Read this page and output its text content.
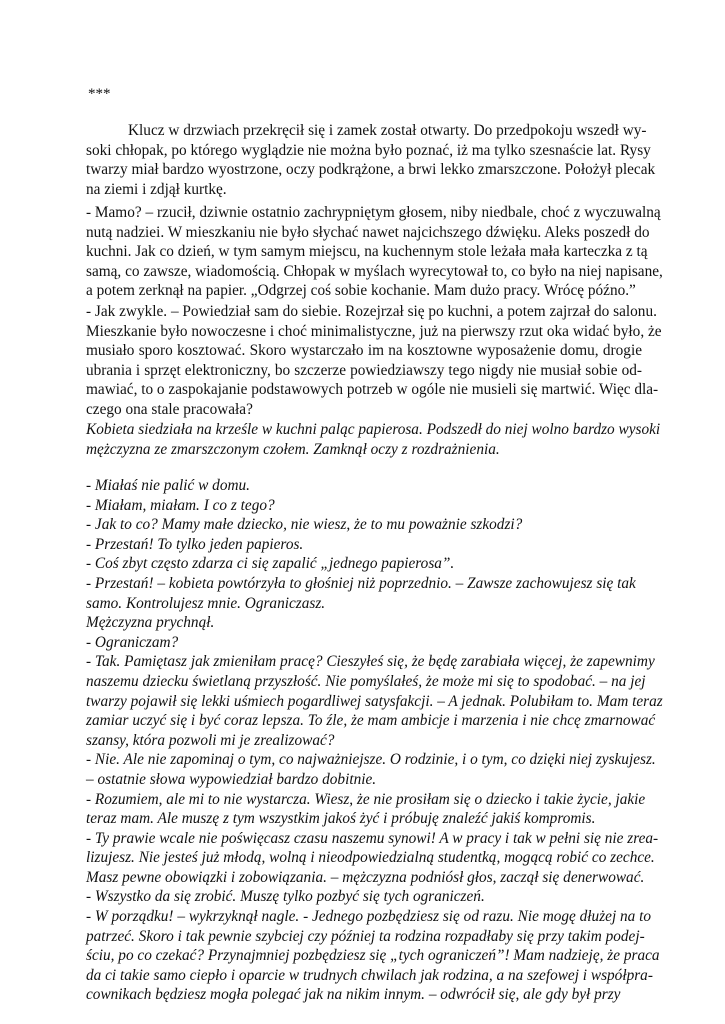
***
Klucz w drzwiach przekręcił się i zamek został otwarty. Do przedpokoju wszedł wy-
soki chłopak, po którego wyglądzie nie można było poznać, iż ma tylko szesnaście lat. Rysy
twarzy miał bardzo wyostrzone, oczy podkrążone, a brwi lekko zmarszczone. Położył plecak
na ziemi i zdjął kurtkę.
- Mamo? – rzucił, dziwnie ostatnio zachrypniętym głosem, niby niedbale, choć z wyczuwalną
nutą nadziei. W mieszkaniu nie było słychać nawet najcichszego dźwięku. Aleks poszedł do
kuchni. Jak co dzień, w tym samym miejscu, na kuchennym stole leżała mała karteczka z tą
samą, co zawsze, wiadomością. Chłopak w myślach wyrecytował to, co było na niej napisane,
a potem zerknął na papier. „Odgrzej coś sobie kochanie. Mam dużo pracy. Wrócę późno.”
- Jak zwykle. – Powiedział sam do siebie. Rozejrzał się po kuchni, a potem zajrzał do salonu.
Mieszkanie było nowoczesne i choć minimalistyczne, już na pierwszy rzut oka widać było, że
musiało sporo kosztować. Skoro wystarczało im na kosztowne wyposażenie domu, drogie
ubrania i sprzęt elektroniczny, bo szczerze powiedziawszy tego nigdy nie musiał sobie od-
mawiać, to o zaspokajanie podstawowych potrzeb w ogóle nie musieli się martwić. Więc dla-
czego ona stale pracowała?
Kobieta siedziała na krześle w kuchni paląc papierosa. Podszedł do niej wolno bardzo wysoki
mężczyzna ze zmarszczonym czołem. Zamknął oczy z rozdrażnienia.
- Miałaś nie palić w domu.
- Miałam, miałam. I co z tego?
- Jak to co? Mamy małe dziecko, nie wiesz, że to mu poważnie szkodzi?
- Przestań! To tylko jeden papieros.
- Coś zbyt często zdarza ci się zapalić „jednego papierosa”.
- Przestań! – kobieta powtórzyła to głośniej niż poprzednio. – Zawsze zachowujesz się tak
samo. Kontrolujesz mnie. Ograniczasz.
Mężczyzna prychnął.
- Ograniczam?
- Tak. Pamiętasz jak zmieniłam pracę? Cieszyłeś się, że będę zarabiała więcej, że zapewnimy
naszemu dziecku świetlaną przyszłość. Nie pomyślałeś, że może mi się to spodobać. – na jej
twarzy pojawił się lekki uśmiech pogardliwej satysfakcji. – A jednak. Polubiłam to. Mam teraz
zamiar uczyć się i być coraz lepsza. To źle, że mam ambicje i marzenia i nie chcę zmarnować
szansy, która pozwoli mi je zrealizować?
- Nie. Ale nie zapominaj o tym, co najważniejsze. O rodzinie, i o tym, co dzięki niej zyskujesz.
– ostatnie słowa wypowiedział bardzo dobitnie.
- Rozumiem, ale mi to nie wystarcza. Wiesz, że nie prosiłam się o dziecko i takie życie, jakie
teraz mam. Ale muszę z tym wszystkim jakoś żyć i próbuję znaleźć jakiś kompromis.
- Ty prawie wcale nie poświęcasz czasu naszemu synowi! A w pracy i tak w pełni się nie zrea-
lizujesz. Nie jesteś już młodą, wolną i nieodpowiedzialną studentką, mogącą robić co zechce.
Masz pewne obowiązki i zobowiązania. – mężczyzna podniósł głos, zaczął się denerwować.
- Wszystko da się zrobić. Muszę tylko pozbyć się tych ograniczeń.
- W porządku! – wykrzyknął nagle. - Jednego pozbędziesz się od razu. Nie mogę dłużej na to
patrzeć. Skoro i tak pewnie szybciej czy później ta rodzina rozpadłaby się przy takim podej-
ściu, po co czekać? Przynajmniej pozbędziesz się „tych ograniczeń”! Mam nadzieję, że praca
da ci takie samo ciepło i oparcie w trudnych chwilach jak rodzina, a na szefowej i współpra-
cownikach będziesz mogła polegać jak na nikim innym. – odwrócił się, ale gdy był przy
